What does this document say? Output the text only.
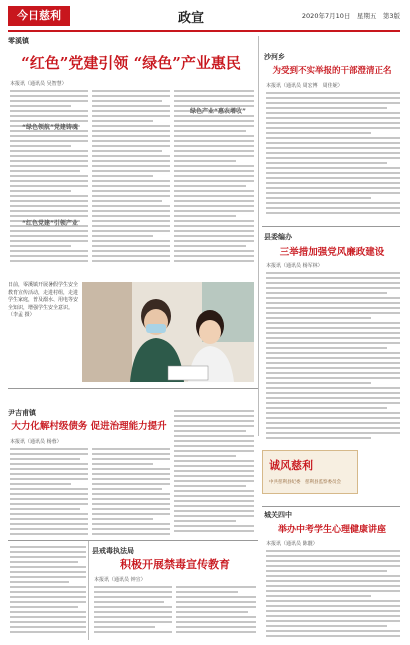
今日慈利	政宣	2020年7月10日　星期五　第3版
零溪镇
“红色”党建引领 “绿色”产业惠民
本报讯（通讯员 吴智慧）
“绿色领航”党建铸魂
“红色党建”引领产业
绿色产业“惠农增收”
沙河乡
为受到不实举报的干部澄清正名
本报讯（通讯员 周宏博　周佳妮）
县委编办
三举措加强党风廉政建设
本报讯（通讯员 杨军林）
日前，零溪镇开展暑假学生安全教育宣传活动，走进村组，走进学生家庭，普及溺水、用电等安全知识，增强学生安全意识。（李孟 摄）
尹吉甫镇
大力化解村级债务 促进治理能力提升
本报讯（通讯员 杨蓉）
县戒毒执法局
积极开展禁毒宣传教育
本报讯（通讯员 钟宣）
诚风慈利
中共慈利县纪委　慈利县监察委员会
城关四中
举办中考学生心理健康讲座
本报讯（通讯员 陈靓）
